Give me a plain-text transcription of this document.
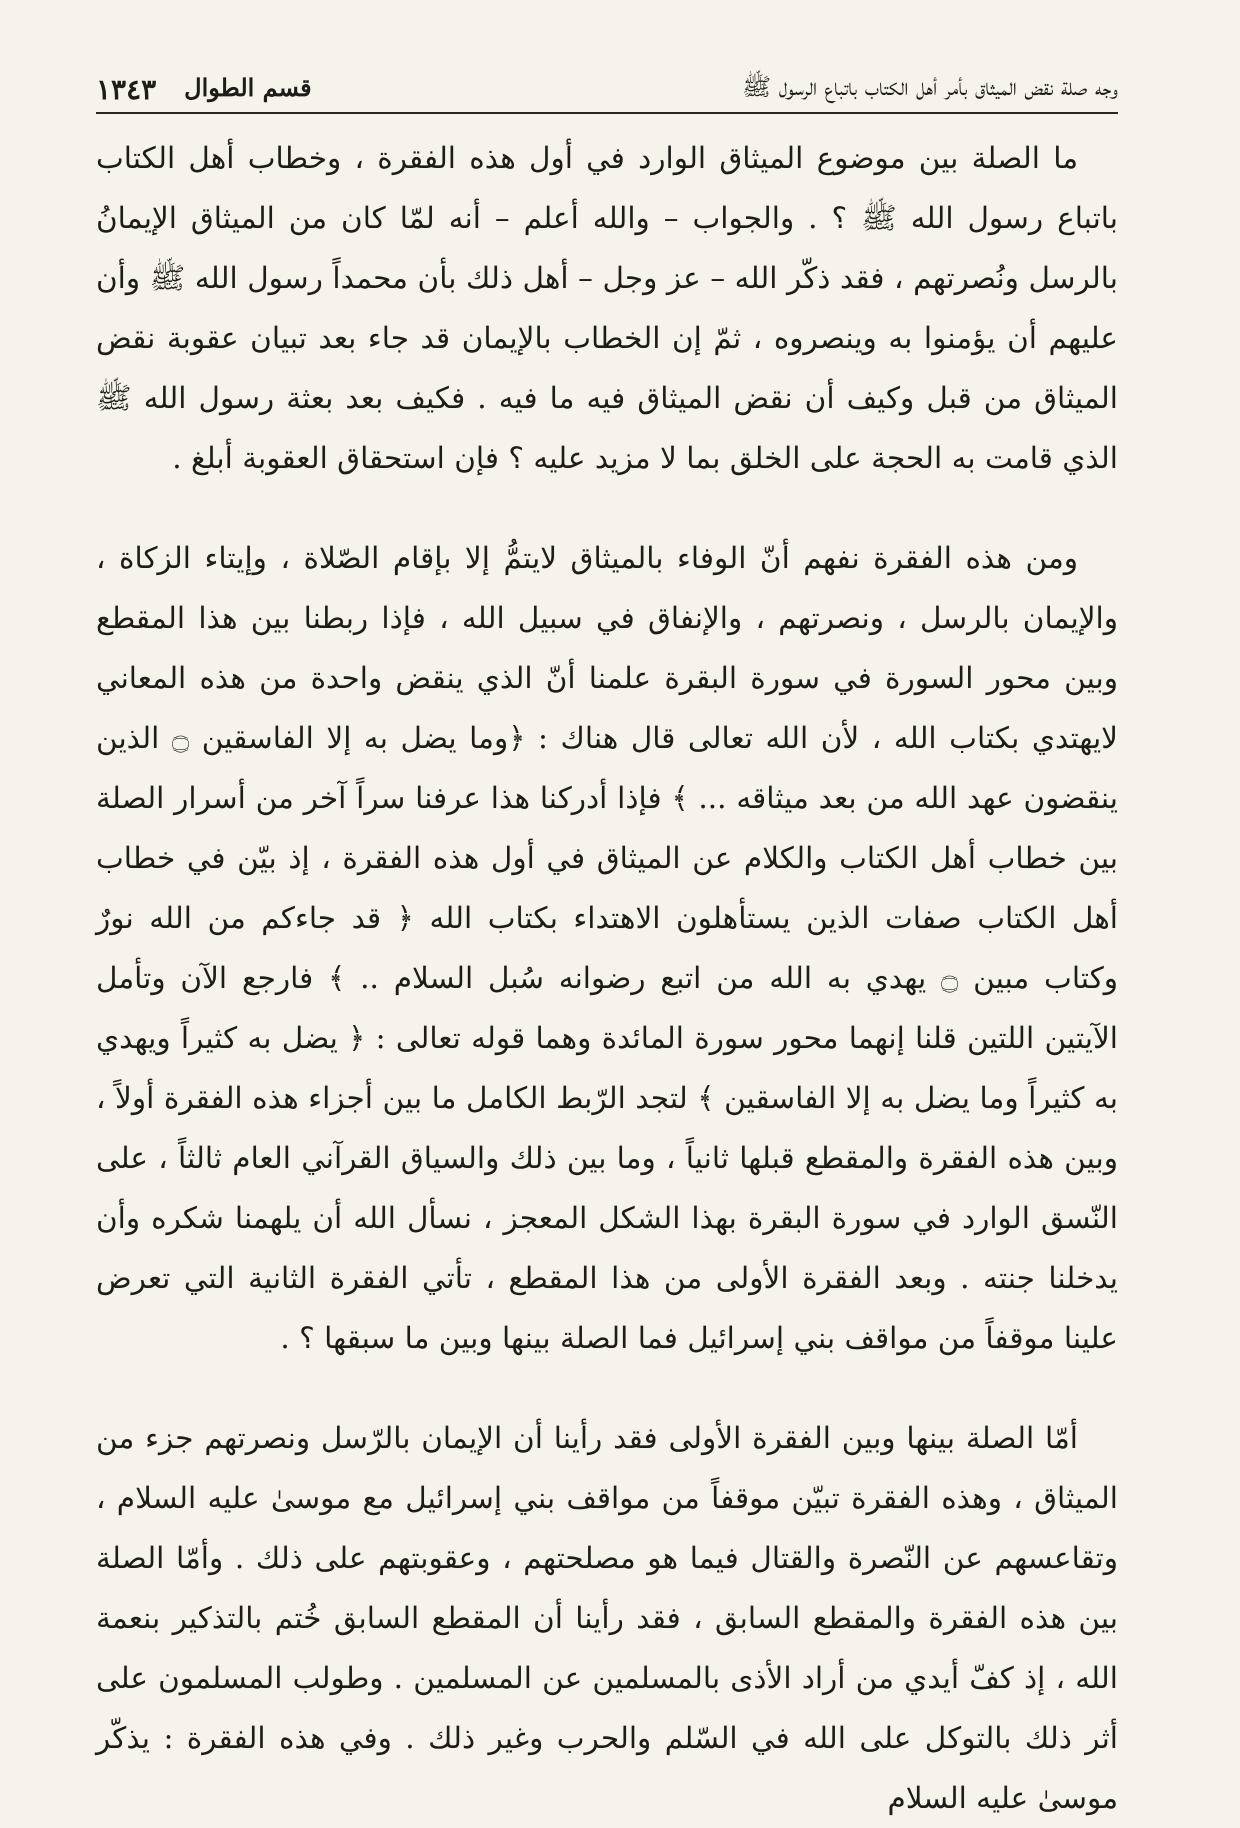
وجه صلة نقض الميثاق بأمر أهل الكتاب باتباع الرسول ﷺ
قسم الطوال
١٣٤٣

ما الصلة بين موضوع الميثاق الوارد في أول هذه الفقرة ، وخطاب أهل الكتاب باتباع رسول الله ﷺ ؟ . والجواب – والله أعلم – أنه لمّا كان من الميثاق الإيمانُ بالرسل ونُصرتهم ، فقد ذكّر الله – عز وجل – أهل ذلك بأن محمداً رسول الله ﷺ وأن عليهم أن يؤمنوا به وينصروه ، ثمّ إن الخطاب بالإيمان قد جاء بعد تبيان عقوبة نقض الميثاق من قبل وكيف أن نقض الميثاق فيه ما فيه . فكيف بعد بعثة رسول الله ﷺ الذي قامت به الحجة على الخلق بما لا مزيد عليه ؟ فإن استحقاق العقوبة أبلغ .

ومن هذه الفقرة نفهم أنّ الوفاء بالميثاق لايتمُّ إلا بإقام الصّلاة ، وإيتاء الزكاة ، والإيمان بالرسل ، ونصرتهم ، والإنفاق في سبيل الله ، فإذا ربطنا بين هذا المقطع وبين محور السورة في سورة البقرة علمنا أنّ الذي ينقض واحدة من هذه المعاني لايهتدي بكتاب الله ، لأن الله تعالى قال هناك : ﴿وما يضل به إلا الفاسقين ۝ الذين ينقضون عهد الله من بعد ميثاقه ... ﴾ فإذا أدركنا هذا عرفنا سراً آخر من أسرار الصلة بين خطاب أهل الكتاب والكلام عن الميثاق في أول هذه الفقرة ، إذ بيّن في خطاب أهل الكتاب صفات الذين يستأهلون الاهتداء بكتاب الله ﴿ قد جاءكم من الله نورٌ وكتاب مبين ۝ يهدي به الله من اتبع رضوانه سُبل السلام .. ﴾ فارجع الآن وتأمل الآيتين اللتين قلنا إنهما محور سورة المائدة وهما قوله تعالى : ﴿ يضل به كثيراً ويهدي به كثيراً وما يضل به إلا الفاسقين ﴾ لتجد الرّبط الكامل ما بين أجزاء هذه الفقرة أولاً ، وبين هذه الفقرة والمقطع قبلها ثانياً ، وما بين ذلك والسياق القرآني العام ثالثاً ، على النّسق الوارد في سورة البقرة بهذا الشكل المعجز ، نسأل الله أن يلهمنا شكره وأن يدخلنا جنته . وبعد الفقرة الأولى من هذا المقطع ، تأتي الفقرة الثانية التي تعرض علينا موقفاً من مواقف بني إسرائيل فما الصلة بينها وبين ما سبقها ؟ .

أمّا الصلة بينها وبين الفقرة الأولى فقد رأينا أن الإيمان بالرّسل ونصرتهم جزء من الميثاق ، وهذه الفقرة تبيّن موقفاً من مواقف بني إسرائيل مع موسىٰ عليه السلام ، وتقاعسهم عن النّصرة والقتال فيما هو مصلحتهم ، وعقوبتهم على ذلك . وأمّا الصلة بين هذه الفقرة والمقطع السابق ، فقد رأينا أن المقطع السابق خُتم بالتذكير بنعمة الله ، إذ كفّ أيدي من أراد الأذى بالمسلمين عن المسلمين . وطولب المسلمون على أثر ذلك بالتوكل على الله في السّلم والحرب وغير ذلك . وفي هذه الفقرة : يذكّر موسىٰ عليه السلام
